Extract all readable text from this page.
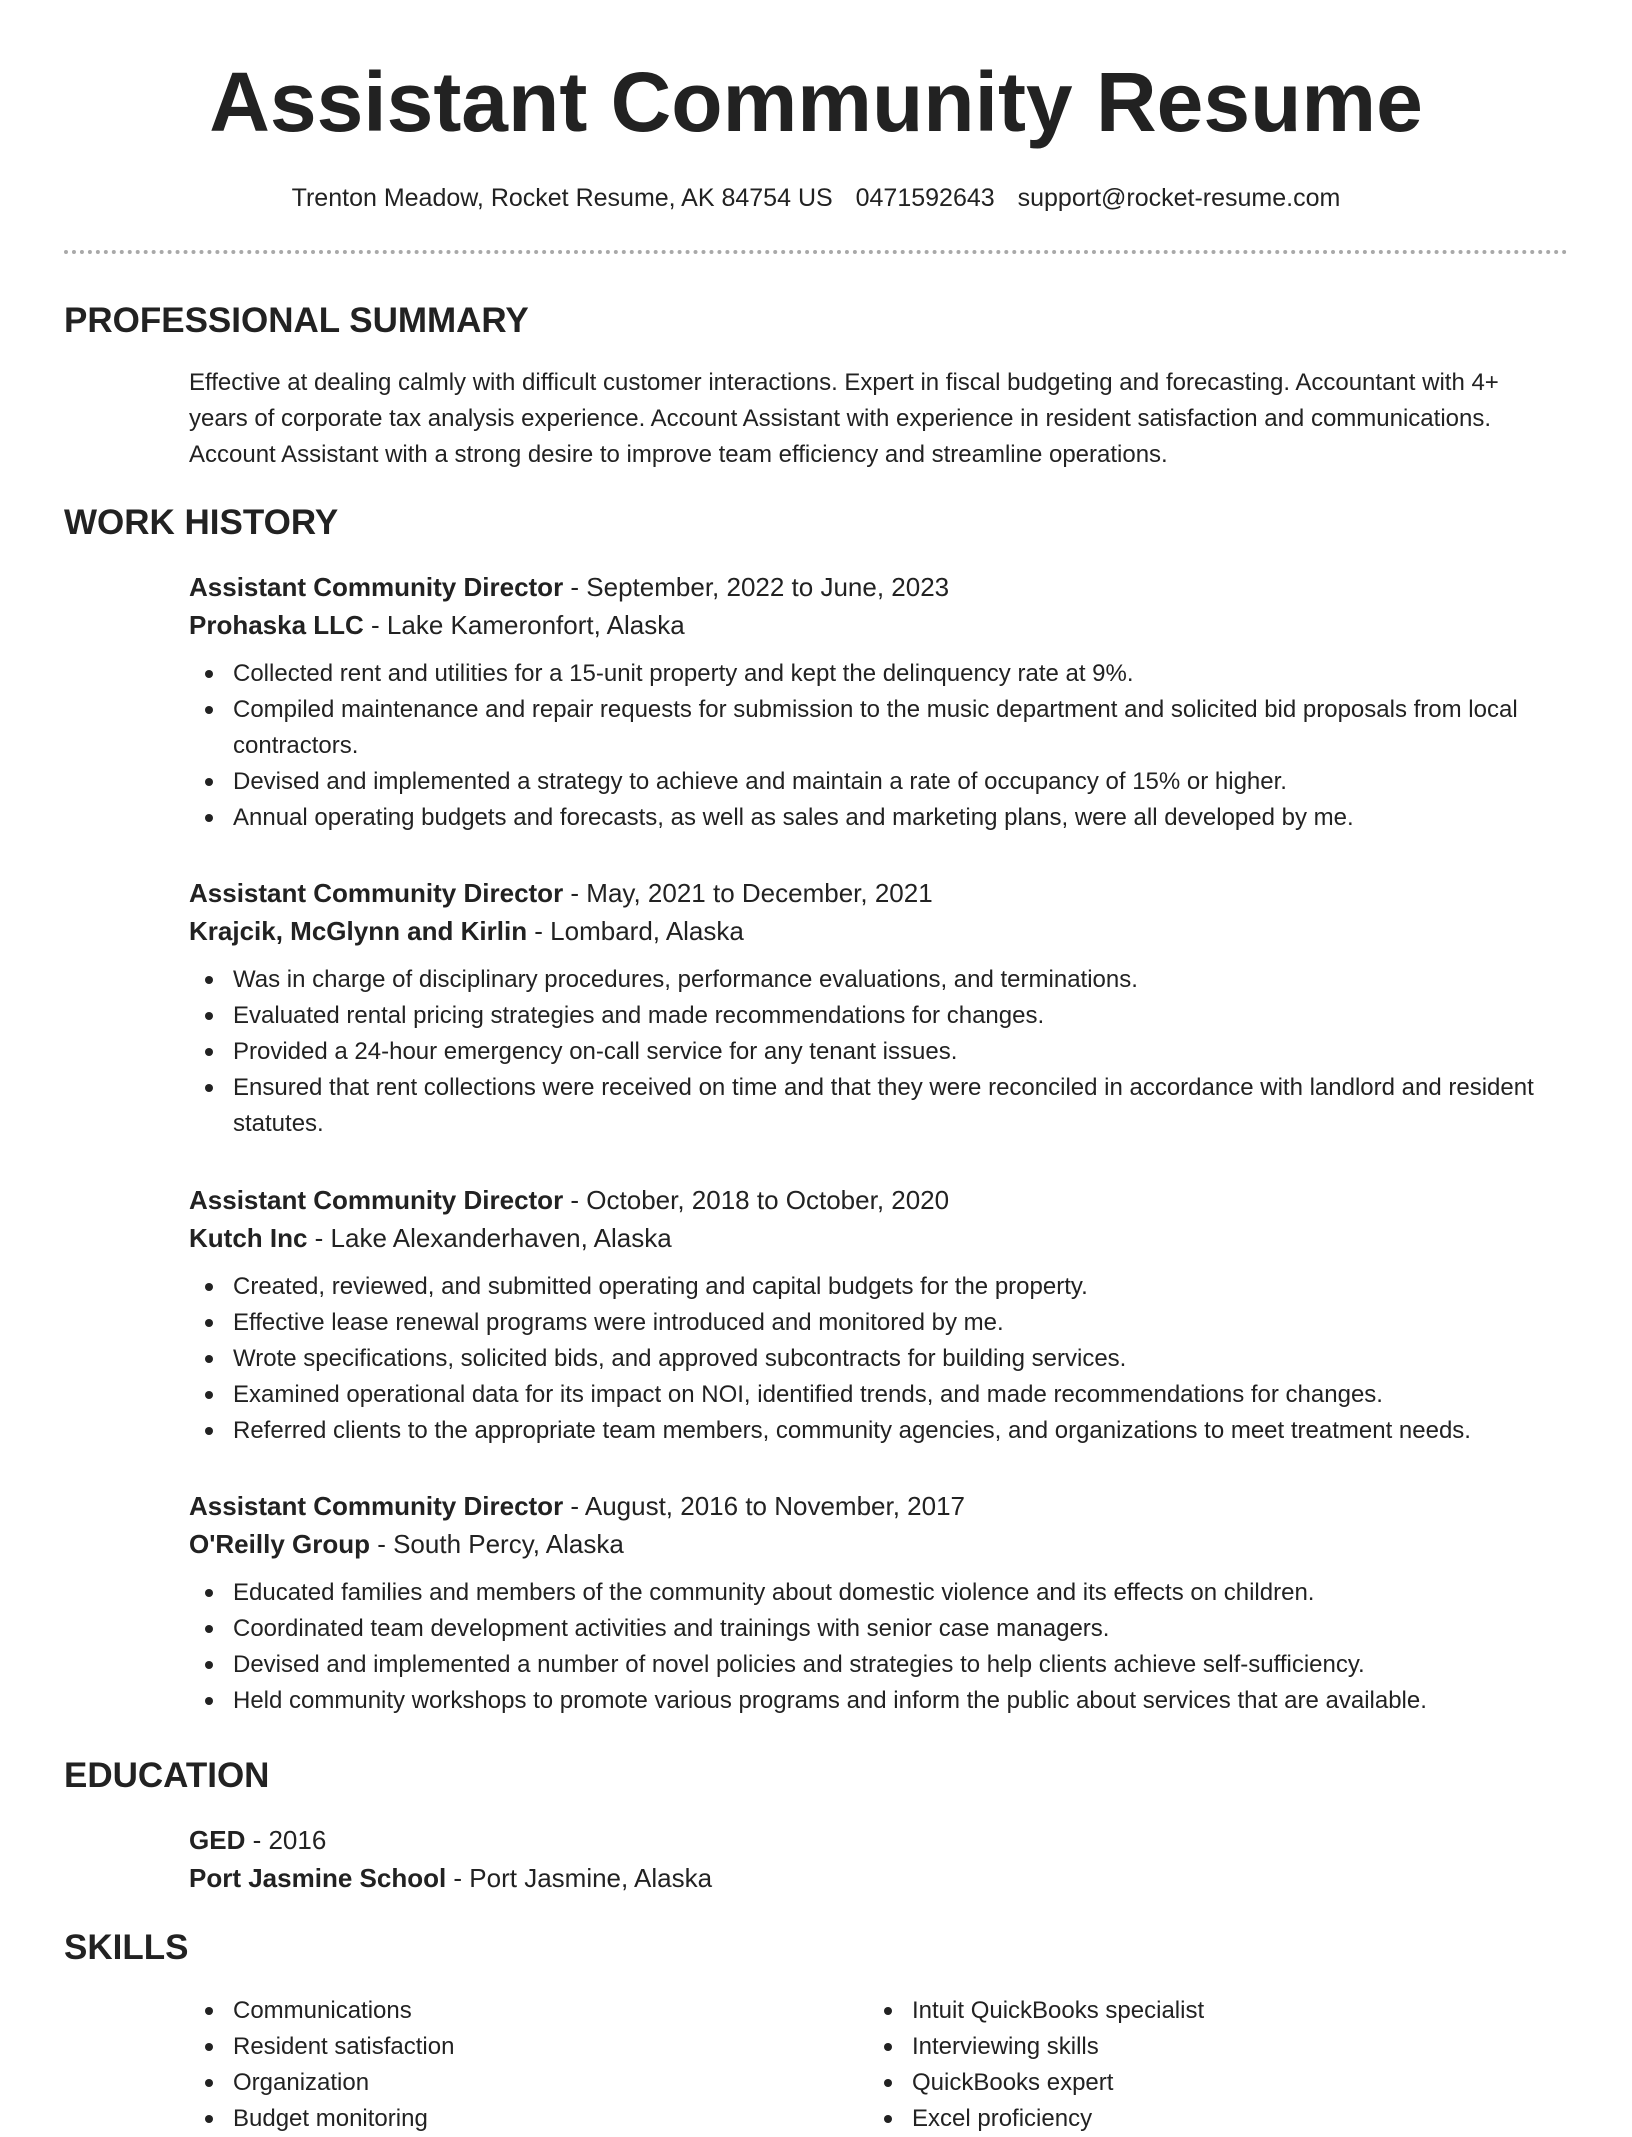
Assistant Community Resume
Trenton Meadow, Rocket Resume, AK 84754 US 0471592643 support@rocket-resume.com
PROFESSIONAL SUMMARY

Effective at dealing calmly with difficult customer interactions. Expert in fiscal budgeting and forecasting. Accountant with 4+ years of corporate tax analysis experience. Account Assistant with experience in resident satisfaction and communications. Account Assistant with a strong desire to improve team efficiency and streamline operations.

WORK HISTORY
Assistant Community Director - September, 2022 to June, 2023
Prohaska LLC - Lake Kameronfort, Alaska
Collected rent and utilities for a 15-unit property and kept the delinquency rate at 9%.
Compiled maintenance and repair requests for submission to the music department and solicited bid proposals from local contractors.
Devised and implemented a strategy to achieve and maintain a rate of occupancy of 15% or higher.
Annual operating budgets and forecasts, as well as sales and marketing plans, were all developed by me.
Assistant Community Director - May, 2021 to December, 2021
Krajcik, McGlynn and Kirlin - Lombard, Alaska
Was in charge of disciplinary procedures, performance evaluations, and terminations.
Evaluated rental pricing strategies and made recommendations for changes.
Provided a 24-hour emergency on-call service for any tenant issues.
Ensured that rent collections were received on time and that they were reconciled in accordance with landlord and resident statutes.
Assistant Community Director - October, 2018 to October, 2020
Kutch Inc - Lake Alexanderhaven, Alaska
Created, reviewed, and submitted operating and capital budgets for the property.
Effective lease renewal programs were introduced and monitored by me.
Wrote specifications, solicited bids, and approved subcontracts for building services.
Examined operational data for its impact on NOI, identified trends, and made recommendations for changes.
Referred clients to the appropriate team members, community agencies, and organizations to meet treatment needs.
Assistant Community Director - August, 2016 to November, 2017
O'Reilly Group - South Percy, Alaska
Educated families and members of the community about domestic violence and its effects on children.
Coordinated team development activities and trainings with senior case managers.
Devised and implemented a number of novel policies and strategies to help clients achieve self-sufficiency.
Held community workshops to promote various programs and inform the public about services that are available.
EDUCATION
GED - 2016
Port Jasmine School - Port Jasmine, Alaska
SKILLS
Communications
Resident satisfaction
Organization
Budget monitoring
Intuit QuickBooks specialist
Interviewing skills
QuickBooks expert
Excel proficiency
